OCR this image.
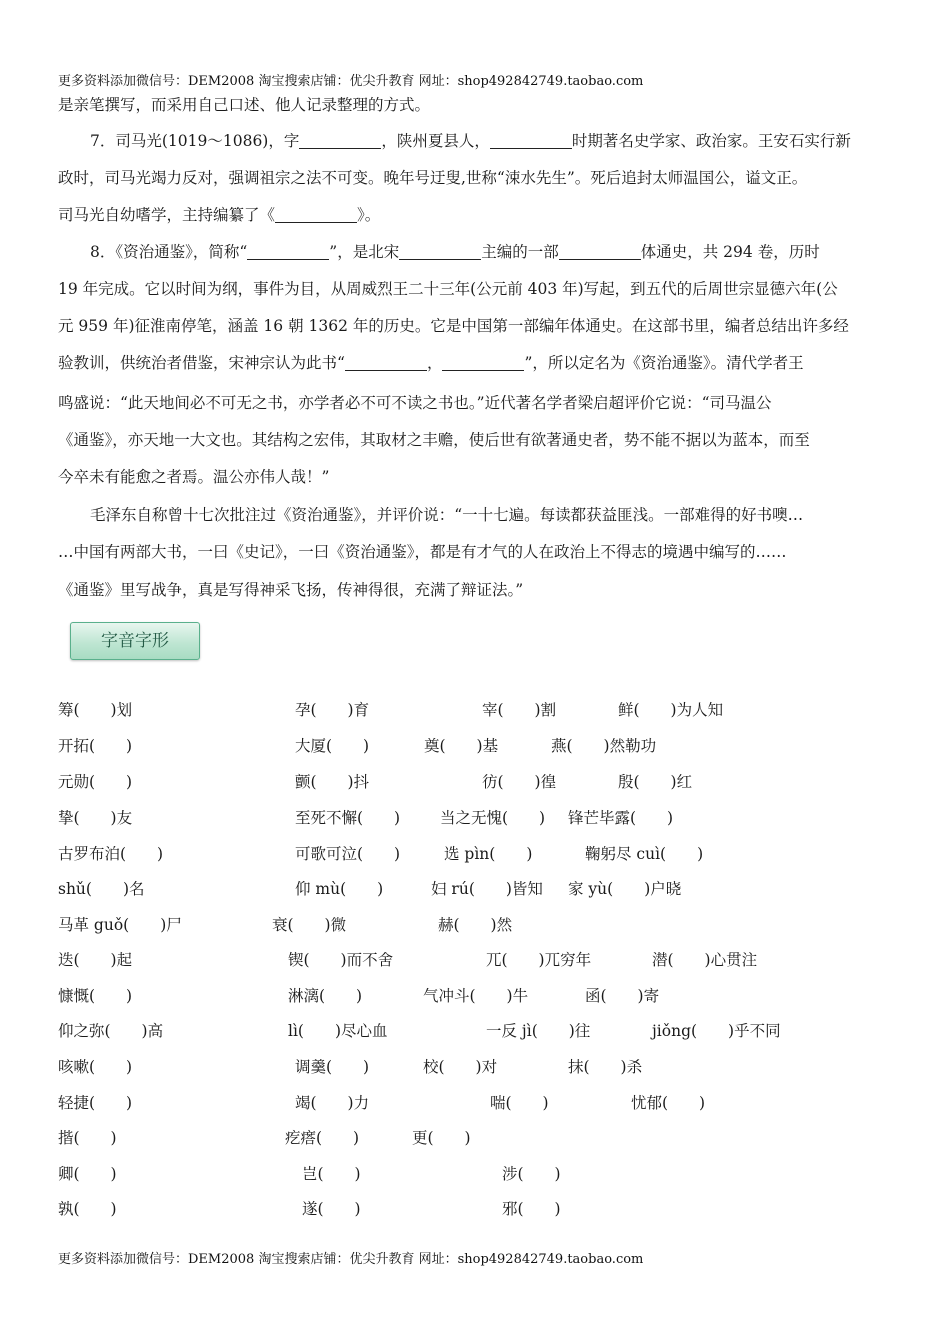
更多资料添加微信号：DEM2008 淘宝搜索店铺：优尖升教育 网址：shop492842749.taobao.com
是亲笔撰写，而采用自己口述、他人记录整理的方式。
7．司马光(1019～1086)，字	，陕州夏县人，	时期著名史学家、政治家。王安石实行新
政时，司马光竭力反对，强调祖宗之法不可变。晚年号迂叟,世称“涑水先生”。死后追封太师温国公，谥文正。
司马光自幼嗜学，主持编纂了《	》。
8．《资治通鉴》，简称“	”，是北宋	主编的一部	体通史，共 294 卷，历时
19 年完成。它以时间为纲，事件为目，从周威烈王二十三年(公元前 403 年)写起，到五代的后周世宗显德六年(公
元 959 年)征淮南停笔，涵盖 16 朝 1362 年的历史。它是中国第一部编年体通史。在这部书里，编者总结出许多经
验教训，供统治者借鉴，宋神宗认为此书“	，	”，所以定名为《资治通鉴》。清代学者王
鸣盛说：“此天地间必不可无之书，亦学者必不可不读之书也。”近代著名学者梁启超评价它说：“司马温公
《通鉴》，亦天地一大文也。其结构之宏伟，其取材之丰赡，使后世有欲著通史者，势不能不据以为蓝本，而至
今卒未有能愈之者焉。温公亦伟人哉！”
毛泽东自称曾十七次批注过《资治通鉴》，并评价说：“一十七遍。每读都获益匪浅。一部难得的好书噢…
…中国有两部大书，一曰《史记》，一曰《资治通鉴》，都是有才气的人在政治上不得志的境遇中编写的……
《通鉴》里写战争，真是写得神采飞扬，传神得很，充满了辩证法。”
字音字形
筹(　　)划	孕(　　)育	宰(　　)割	鲜(　　)为人知
开拓(　　)	大厦(　　)	奠(　　)基	燕(　　)然勒功
元勋(　　)	颤(　　)抖	彷(　　)徨	殷(　　)红
挚(　　)友	至死不懈(　　)	当之无愧(　　) 锋芒毕露(　　)
古罗布泊(　　)	可歌可泣(　　)	选 pìn(　　)	鞠躬尽 cuì(　　)
shǔ(　　)名	仰 mù(　　)	妇 rú(　　)皆知 家 yù(　　)户晓
马革 guǒ(　　)尸	衰(　　)微	赫(　　)然
迭(　　)起	锲(　　)而不舍	兀(　　)兀穷年	潜(　　)心贯注
慷慨(　　)	淋漓(　　)	气冲斗(　　)牛	函(　　)寄
仰之弥(　　)高	lì(　　)尽心血	一反 jì(　　)往	jiǒng(　　)乎不同
咳嗽(　　)	调羹(　　)	校(　　)对	抹(　　)杀
轻捷(　　)	竭(　　)力	喘(　　)	忧郁(　　)
揩(　　)	疙瘩(　　)	更(　　)
卿(　　)	岂(　　)	涉(　　)
孰(　　)	遂(　　)	邪(　　)
更多资料添加微信号：DEM2008 淘宝搜索店铺：优尖升教育 网址：shop492842749.taobao.com
